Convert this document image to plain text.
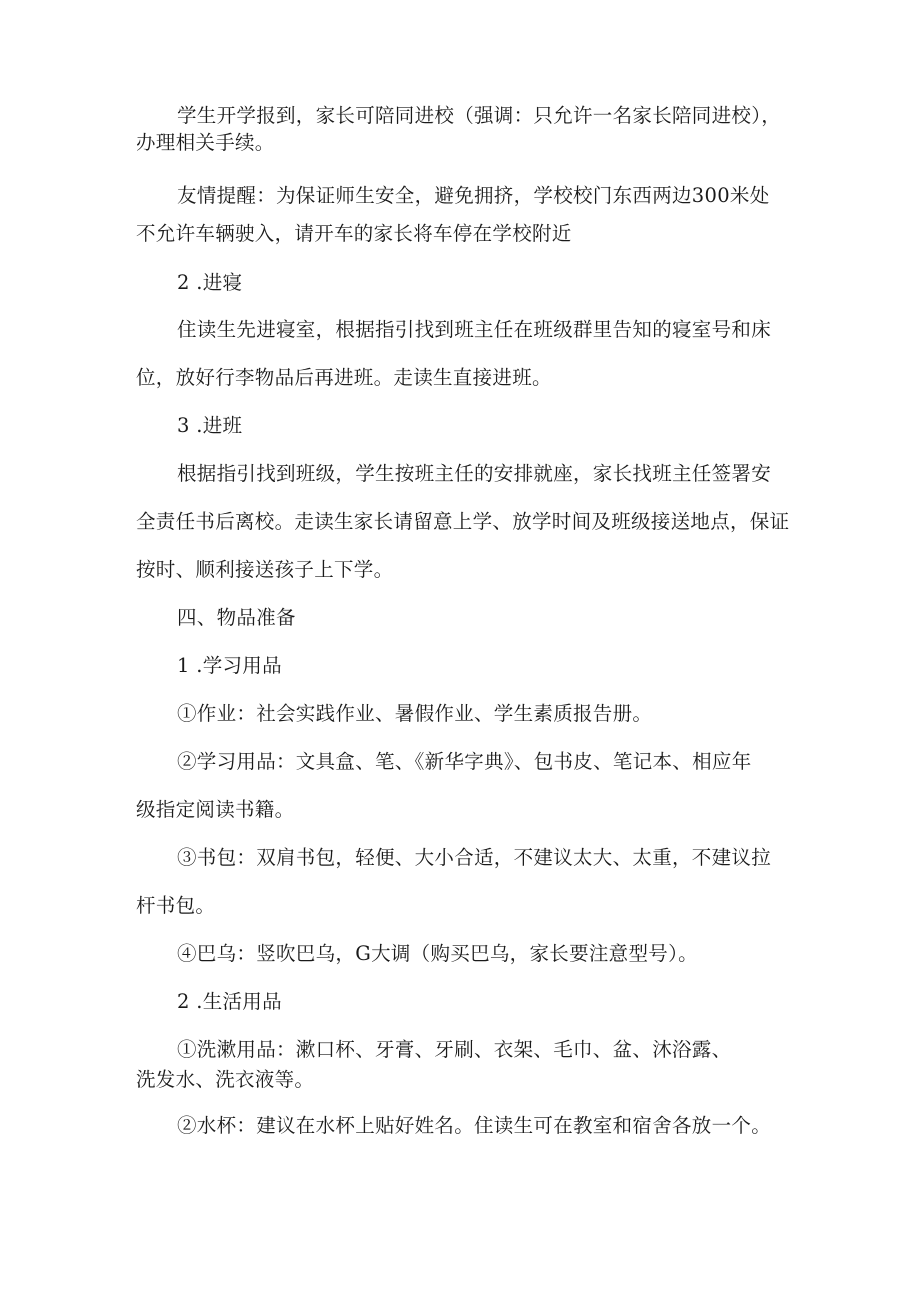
学生开学报到，家长可陪同进校（强调：只允许一名家长陪同进校），
办理相关手续。
友情提醒：为保证师生安全，避免拥挤，学校校门东西两边300米处
不允许车辆驶入，请开车的家长将车停在学校附近
2 .进寝
住读生先进寝室，根据指引找到班主任在班级群里告知的寝室号和床
位，放好行李物品后再进班。走读生直接进班。
3 .进班
根据指引找到班级，学生按班主任的安排就座，家长找班主任签署安
全责任书后离校。走读生家长请留意上学、放学时间及班级接送地点，保证
按时、顺利接送孩子上下学。
四、物品准备
1 .学习用品
①作业：社会实践作业、暑假作业、学生素质报告册。
②学习用品：文具盒、笔、《新华字典》、包书皮、笔记本、相应年
级指定阅读书籍。
③书包：双肩书包，轻便、大小合适，不建议太大、太重，不建议拉
杆书包。
④巴乌：竖吹巴乌，G大调（购买巴乌，家长要注意型号）。
2 .生活用品
①洗漱用品：漱口杯、牙膏、牙刷、衣架、毛巾、盆、沐浴露、
洗发水、洗衣液等。
②水杯：建议在水杯上贴好姓名。住读生可在教室和宿舍各放一个。
